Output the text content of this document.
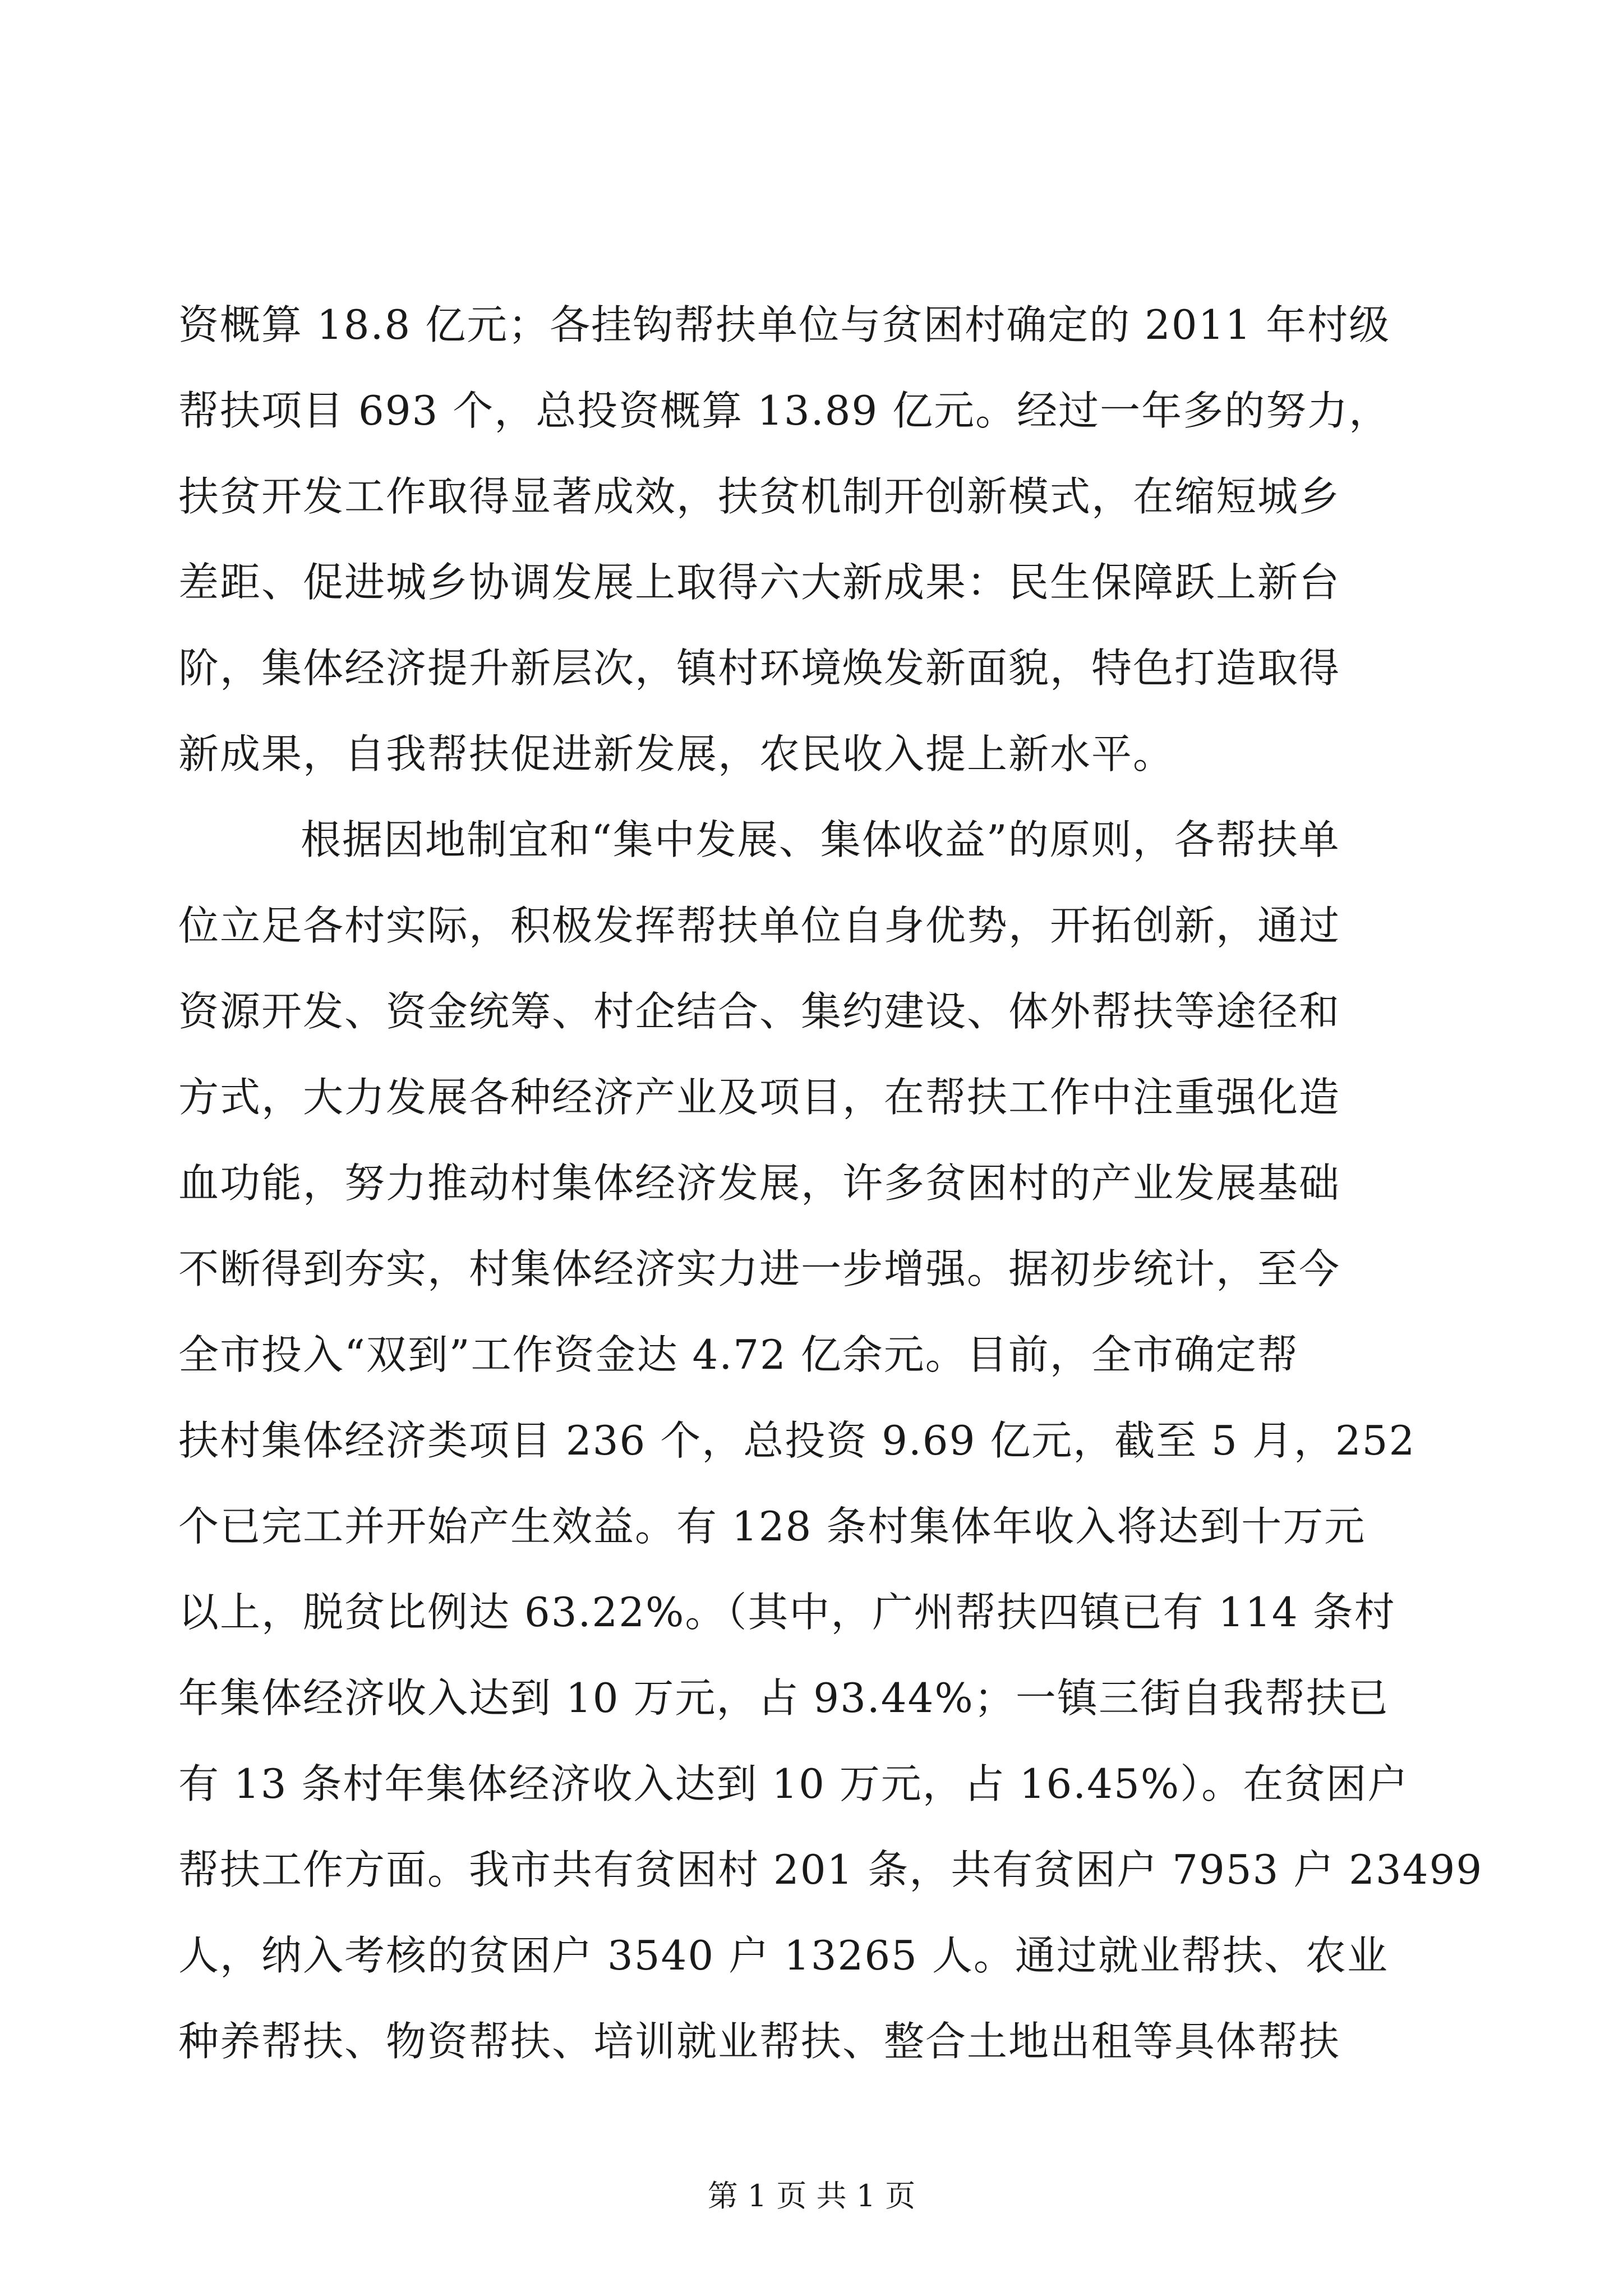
资概算 18.8 亿元；各挂钩帮扶单位与贫困村确定的 2011 年村级
帮扶项目 693 个，总投资概算 13.89 亿元。经过一年多的努力，
扶贫开发工作取得显著成效，扶贫机制开创新模式，在缩短城乡
差距、促进城乡协调发展上取得六大新成果：民生保障跃上新台
阶，集体经济提升新层次，镇村环境焕发新面貌，特色打造取得
新成果，自我帮扶促进新发展，农民收入提上新水平。
根据因地制宜和“集中发展、集体收益”的原则，各帮扶单
位立足各村实际，积极发挥帮扶单位自身优势，开拓创新，通过
资源开发、资金统筹、村企结合、集约建设、体外帮扶等途径和
方式，大力发展各种经济产业及项目，在帮扶工作中注重强化造
血功能，努力推动村集体经济发展，许多贫困村的产业发展基础
不断得到夯实，村集体经济实力进一步增强。据初步统计，至今
全市投入“双到”工作资金达 4.72 亿余元。目前，全市确定帮
扶村集体经济类项目 236 个，总投资 9.69 亿元，截至 5 月，252
个已完工并开始产生效益。有 128 条村集体年收入将达到十万元
以上，脱贫比例达 63.22%。（其中，广州帮扶四镇已有 114 条村
年集体经济收入达到 10 万元，占 93.44%；一镇三街自我帮扶已
有 13 条村年集体经济收入达到 10 万元，占 16.45%）。在贫困户
帮扶工作方面。我市共有贫困村 201 条，共有贫困户 7953 户 23499
人，纳入考核的贫困户 3540 户 13265 人。通过就业帮扶、农业
种养帮扶、物资帮扶、培训就业帮扶、整合土地出租等具体帮扶
第 1 页 共 1 页
